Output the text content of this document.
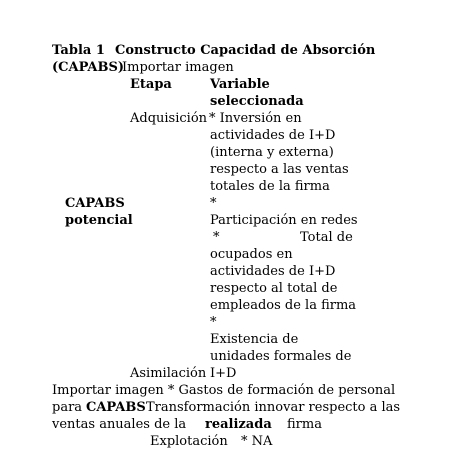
Tabla 1 Constructo Capacidad de Absorción
(CAPABS)
Importar imagen
Etapa	Variable
seleccionada
Adquisición * Inversión en
actividades de I+D
(interna y externa)
respecto a las ventas
totales de la firma
CAPABS
potencial
*
Participación en redes
*	Total de
ocupados en
actividades de I+D
respecto al total de
empleados de la firma
*
Existencia de
unidades formales de
Asimilación I+D
Importar imagen * Gastos de formación de personal
para CAPABS Transformación innovar respecto a las
ventas anuales de la realizada firma
Explotación * NA
